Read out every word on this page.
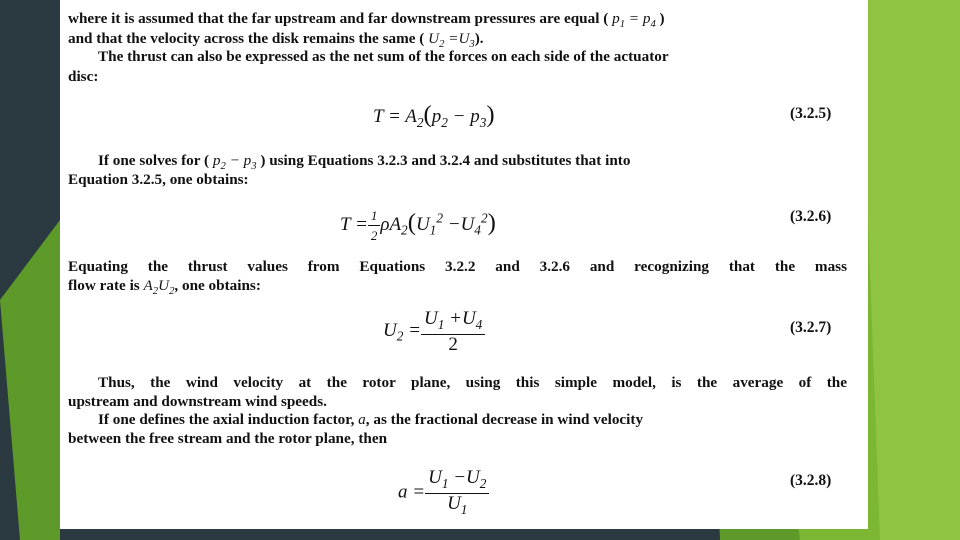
where it is assumed that the far upstream and far downstream pressures are equal ( $p_1 = p_4$ )
and that the velocity across the disk remains the same ( $U_2 =U_3$).
The thrust can also be expressed as the net sum of the forces on each side of the actuator
disc:
$T = A_2(p_2 - p_3)$	(3.2.5)
If one solves for ( $p_2 - p_3$ ) using Equations 3.2.3 and 3.2.4 and substitutes that into
Equation 3.2.5, one obtains:
$T = \frac{1}{2} \rho A_2(U_1^2 -U_4^2)$	(3.2.6)
Equating the thrust values from Equations 3.2.2 and 3.2.6 and recognizing that the mass
flow rate is $A_2U_2$, one obtains:
$U_2 = \frac{U_1 +U_4}{2}$	(3.2.7)
Thus, the wind velocity at the rotor plane, using this simple model, is the average of the
upstream and downstream wind speeds.
If one defines the axial induction factor, a, as the fractional decrease in wind velocity
between the free stream and the rotor plane, then
$a = \frac{U_1 -U_2}{U_1}$	(3.2.8)
